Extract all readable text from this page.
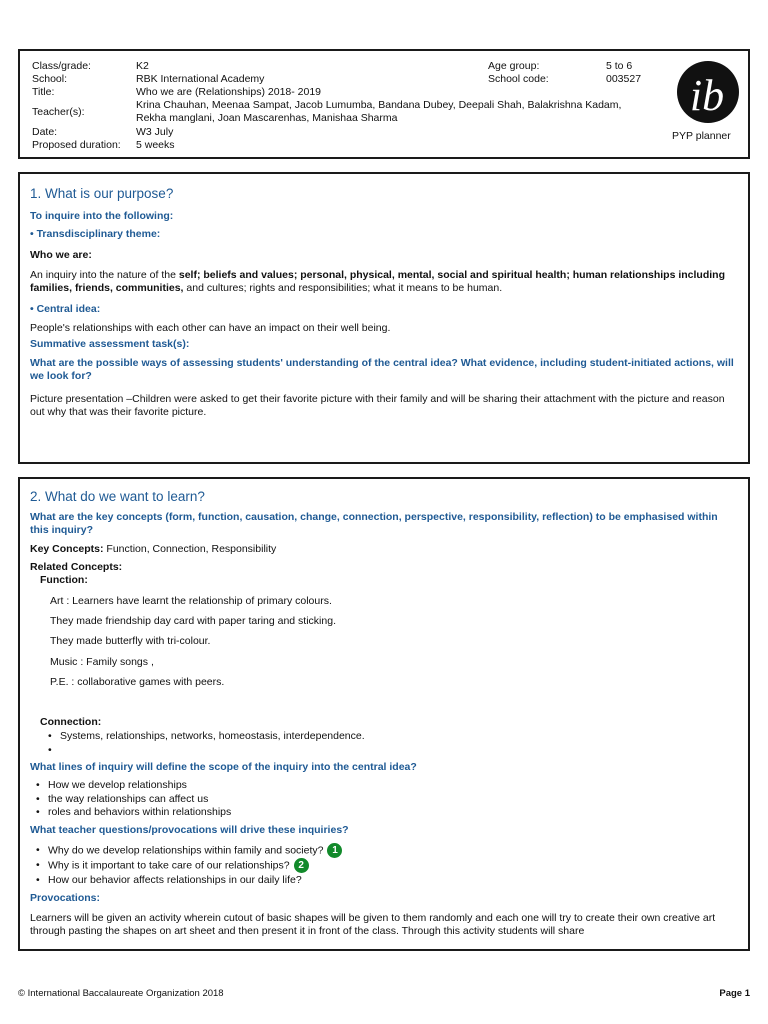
Class/grade:	K2
School:	RBK International Academy
Title:	Who we are (Relationships) 2018- 2019
Teacher(s):
Krina Chauhan, Meenaa Sampat, Jacob Lumumba, Bandana Dubey, Deepali Shah, Balakrishna Kadam,
Rekha manglani, Joan Mascarenhas, Manishaa Sharma
Date:	W3 July
Proposed duration: 5 weeks
Age group:	5 to 6
School code:	003527 ib
PYP planner
1. What is our purpose?
To inquire into the following:
• Transdisciplinary theme:
Who we are:
An inquiry into the nature of the self; beliefs and values; personal, physical, mental, social and spiritual health; human relationships including families, friends, communities, and cultures; rights and responsibilities; what it means to be human.
• Central idea:
People's relationships with each other can have an impact on their well being.
Summative assessment task(s):
What are the possible ways of assessing students' understanding of the central idea? What evidence, including student-initiated actions, will we look for?
Picture presentation –Children were asked to get their favorite picture with their family and will be sharing their attachment with the picture and reason out why that was their favorite picture.
2. What do we want to learn?
What are the key concepts (form, function, causation, change, connection, perspective, responsibility, reflection) to be emphasised within this inquiry?
Key Concepts: Function, Connection, Responsibility
Related Concepts:
Function:
Art : Learners have learnt the relationship of primary colours.
They made friendship day card with paper taring and sticking.
They made butterfly with tri-colour.
Music : Family songs ,
P.E. : collaborative games with peers.
Connection:
• Systems, relationships, networks, homeostasis, interdependence.
•
What lines of inquiry will define the scope of the inquiry into the central idea?
• How we develop relationships
• the way relationships can affect us
• roles and behaviors within relationships
What teacher questions/provocations will drive these inquiries?
• Why do we develop relationships within family and society? 1
• Why is it important to take care of our relationships? 2
• How our behavior affects relationships in our daily life?
Provocations:
Learners will be given an activity wherein cutout of basic shapes will be given to them randomly and each one will try to create their own creative art through pasting the shapes on art sheet and then present it in front of the class. Through this activity students will share
© International Baccalaureate Organization 2018	Page 1
